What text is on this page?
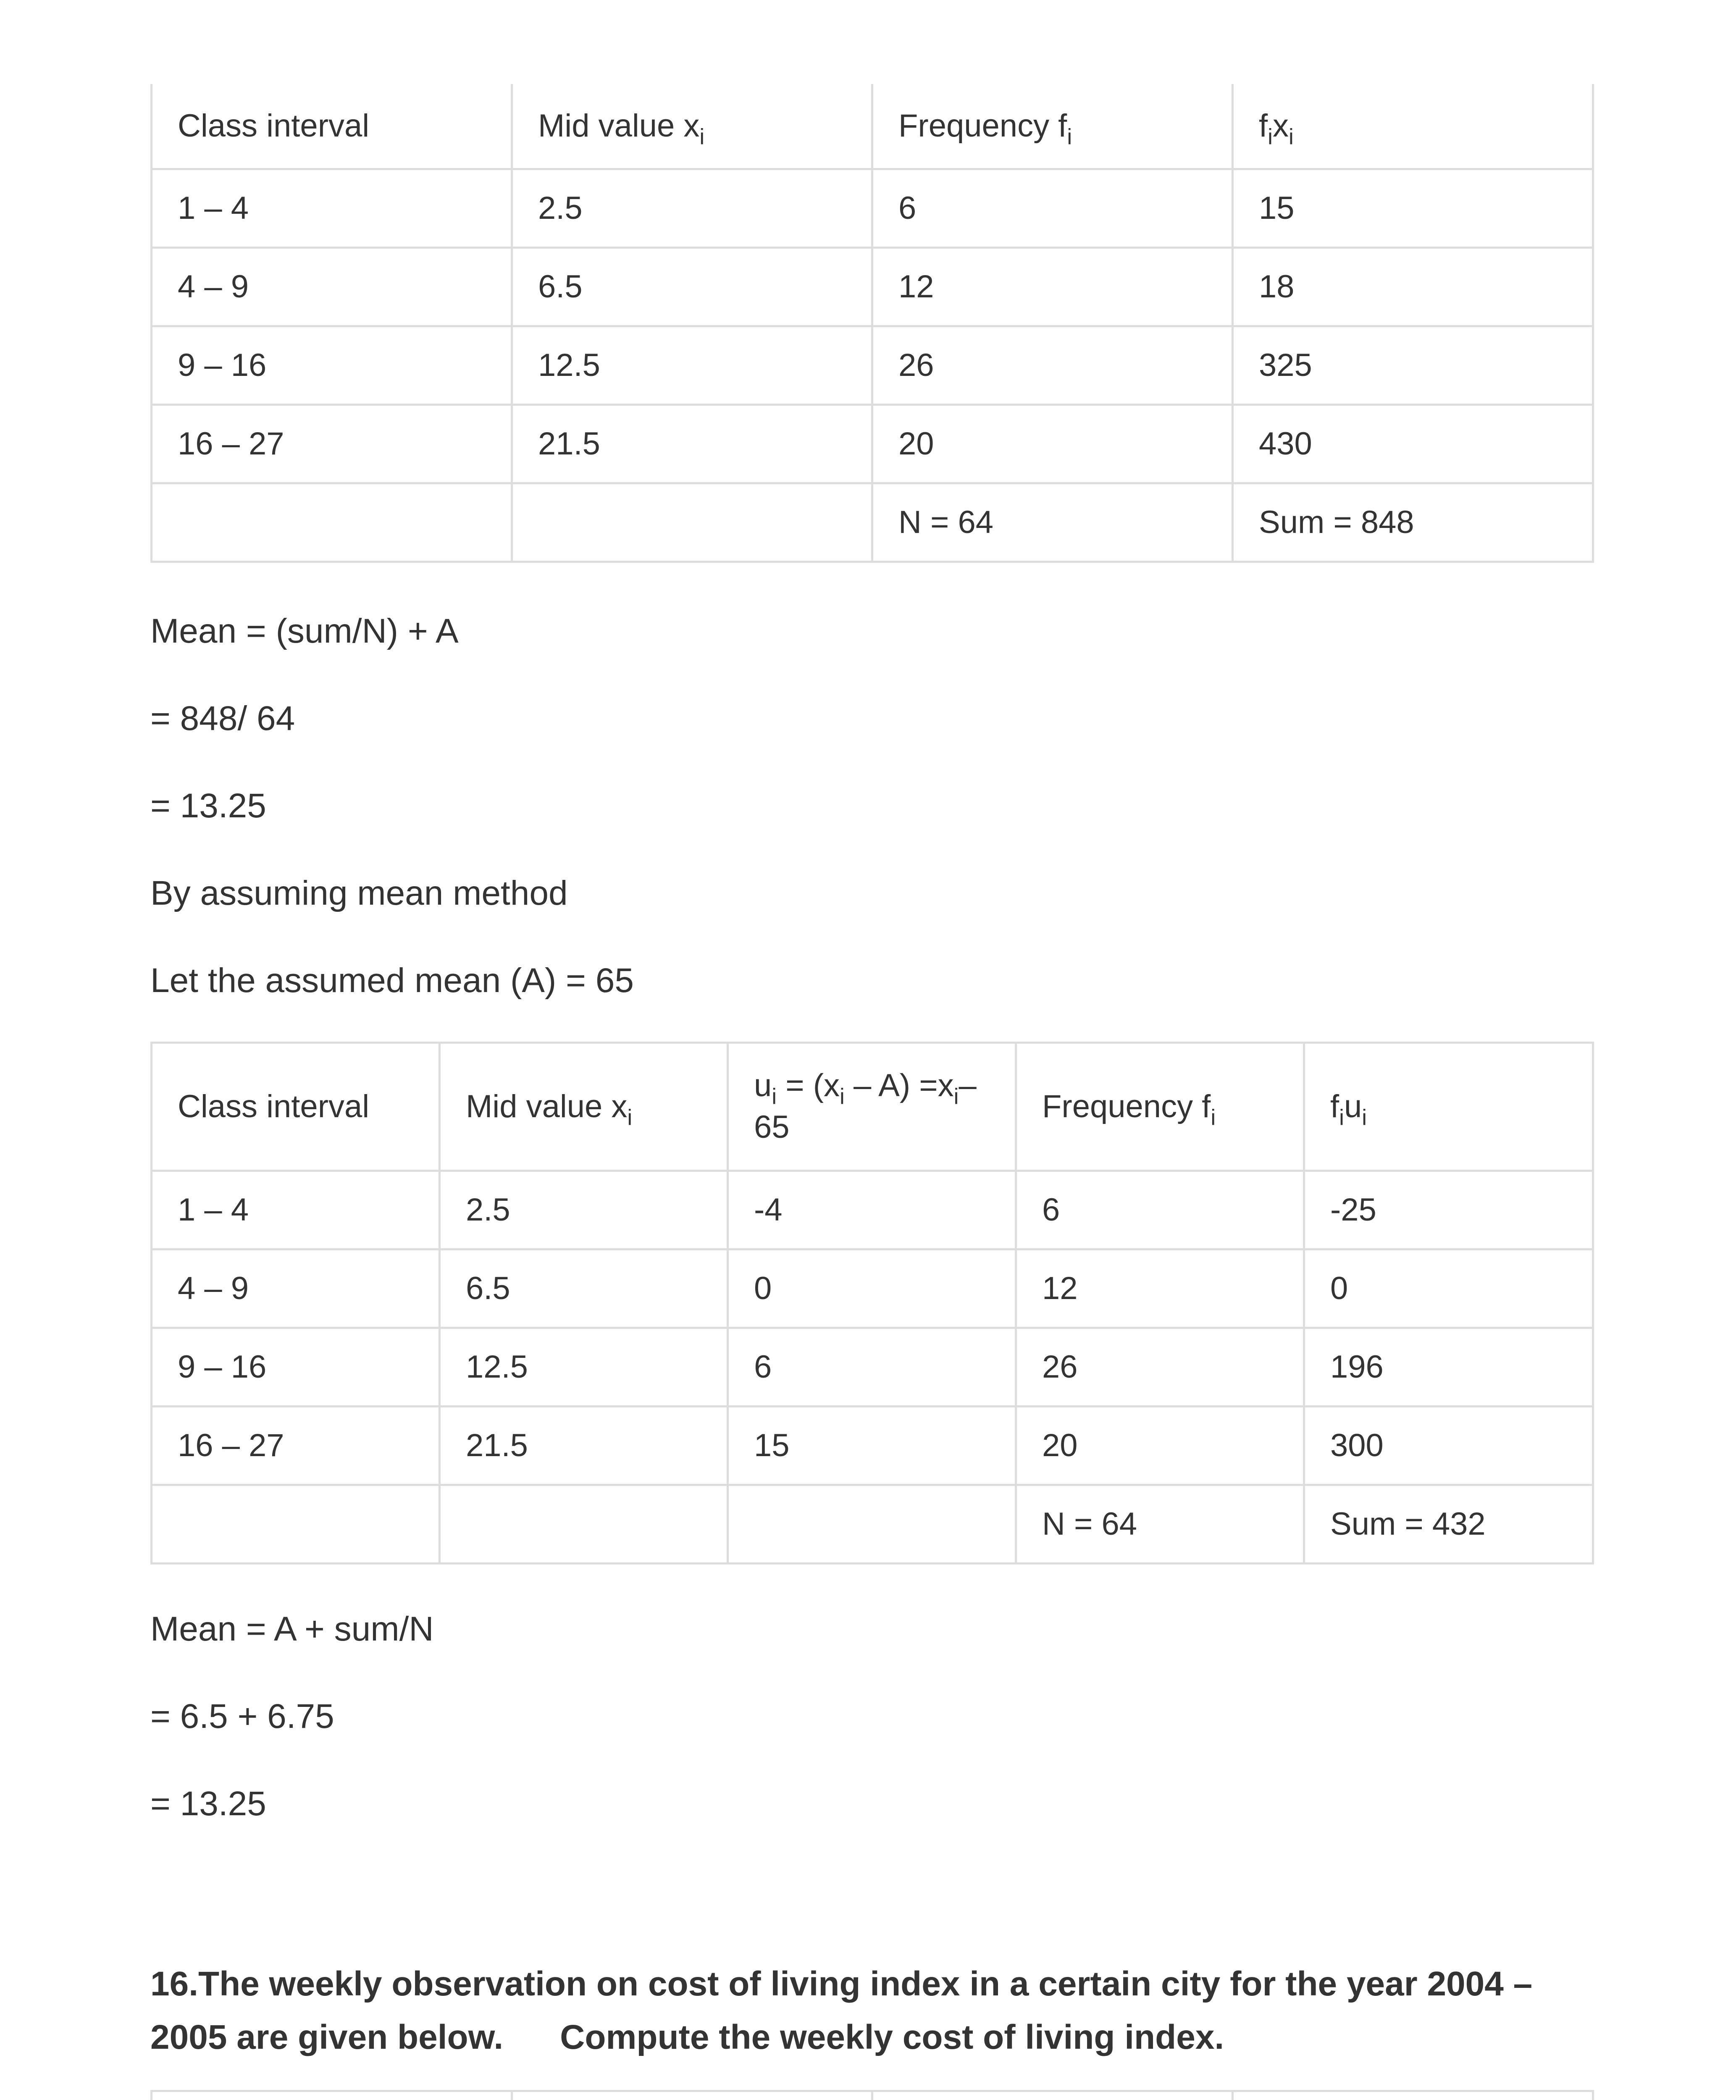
Class interval	Mid value $x_i$	Frequency $f_i$	$f_ix_i$
1 – 4	2.5	6	15
4 – 9	6.5	12	18
9 – 16	12.5	26	325
16 – 27	21.5	20	430
		N = 64	Sum = 848

Mean = (sum/N) + A

= 848/ 64

= 13.25

By assuming mean method

Let the assumed mean (A) = 65

Class interval	Mid value $x_i$	$u_i = (x_i - A) =x_i-$ 65	Frequency $f_i$	$f_iu_i$
1 – 4	2.5	-4	6	-25
4 – 9	6.5	0	12	0
9 – 16	12.5	6	26	196
16 – 27	21.5	15	20	300
			N = 64	Sum = 432

Mean = A + sum/N

= 6.5 + 6.75

= 13.25

16.The weekly observation on cost of living index in a certain city for the year 2004 – 2005 are given below. Compute the weekly cost of living index.
